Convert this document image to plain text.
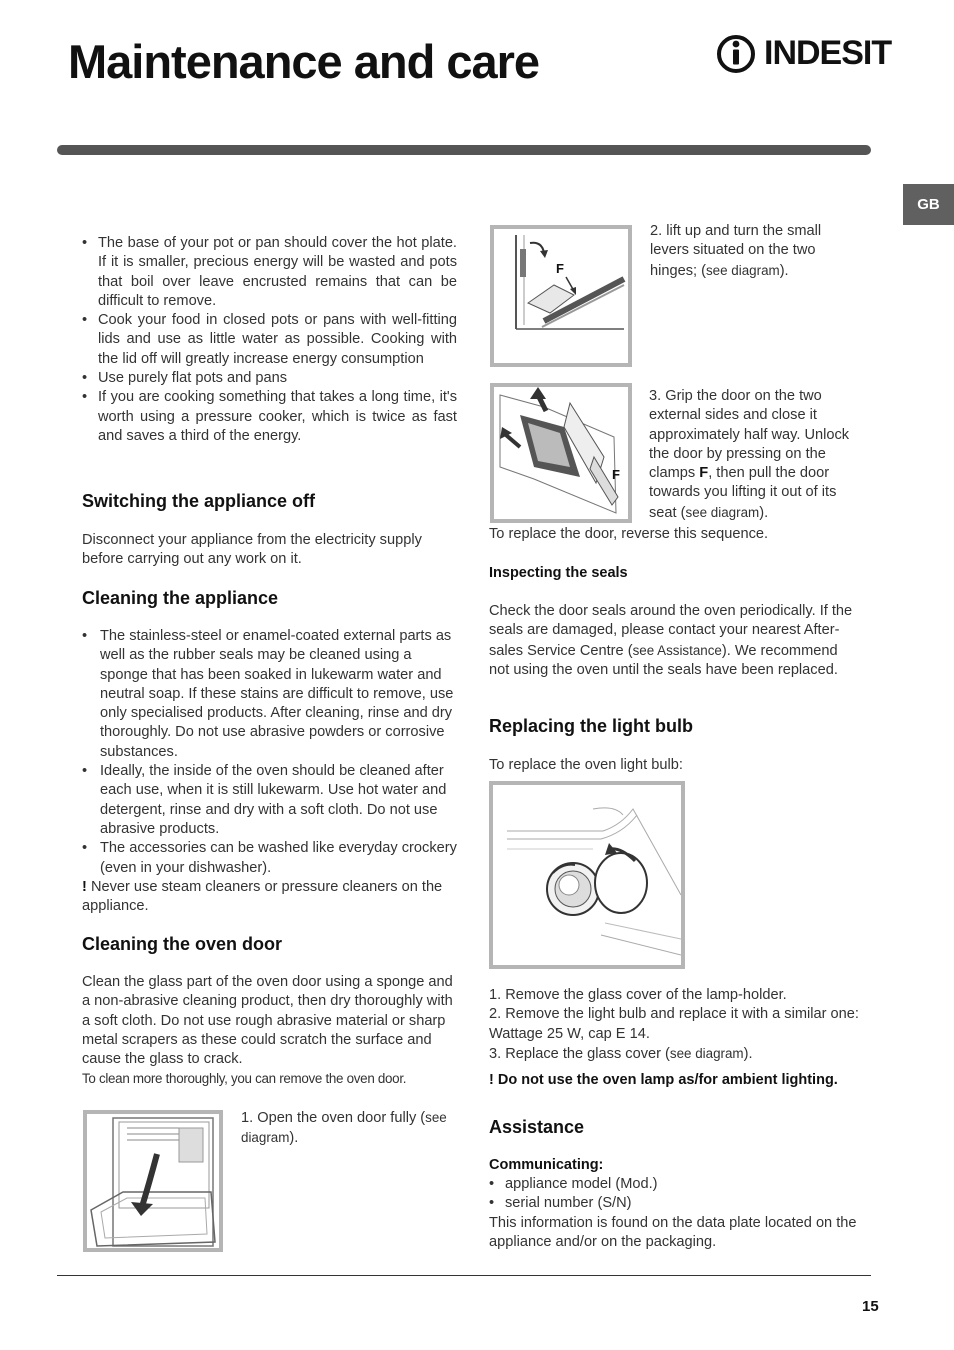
Maintenance and care	INDESIT
GB
• The base of your pot or pan should cover the hot plate. If it is smaller, precious energy will be wasted and pots that boil over leave encrusted remains that can be difficult to remove.
• Cook your food in closed pots or pans with well-fitting lids and use as little water as possible. Cooking with the lid off will greatly increase energy consumption
• Use purely flat pots and pans
• If you are cooking something that takes a long time, it's worth using a pressure cooker, which is twice as fast and saves a third of the energy.
Switching the appliance off

Disconnect your appliance from the electricity supply before carrying out any work on it.

Cleaning the appliance
• The stainless-steel or enamel-coated external parts as well as the rubber seals may be cleaned using a sponge that has been soaked in lukewarm water and neutral soap. If these stains are difficult to remove, use only specialised products. After cleaning, rinse and dry thoroughly. Do not use abrasive powders or corrosive substances.
• Ideally, the inside of the oven should be cleaned after each use, when it is still lukewarm. Use hot water and detergent, rinse and dry with a soft cloth. Do not use abrasive products.
• The accessories can be washed like everyday crockery (even in your dishwasher).

! Never use steam cleaners or pressure cleaners on the appliance.

Cleaning the oven door

Clean the glass part of the oven door using a sponge and a non-abrasive cleaning product, then dry thoroughly with a soft cloth. Do not use rough abrasive material or sharp metal scrapers as these could scratch the surface and cause the glass to crack.

To clean more thoroughly, you can remove the oven door.

1. Open the oven door fully (see diagram).

F

2. lift up and turn the small levers situated on the two hinges; (see diagram).

F

3. Grip the door on the two external sides and close it approximately half way. Unlock the door by pressing on the clamps F, then pull the door towards you lifting it out of its seat (see diagram).

To replace the door, reverse this sequence.

Inspecting the seals

Check the door seals around the oven periodically. If the seals are damaged, please contact your nearest After-sales Service Centre (see Assistance). We recommend not using the oven until the seals have been replaced.

Replacing the light bulb

To replace the oven light bulb:

1. Remove the glass cover of the lamp-holder.

2. Remove the light bulb and replace it with a similar one: Wattage 25 W, cap E 14.

3. Replace the glass cover (see diagram).

! Do not use the oven lamp as/for ambient lighting.

Assistance
Communicating:
• appliance model (Mod.)
• serial number (S/N)

This information is found on the data plate located on the appliance and/or on the packaging.

15
